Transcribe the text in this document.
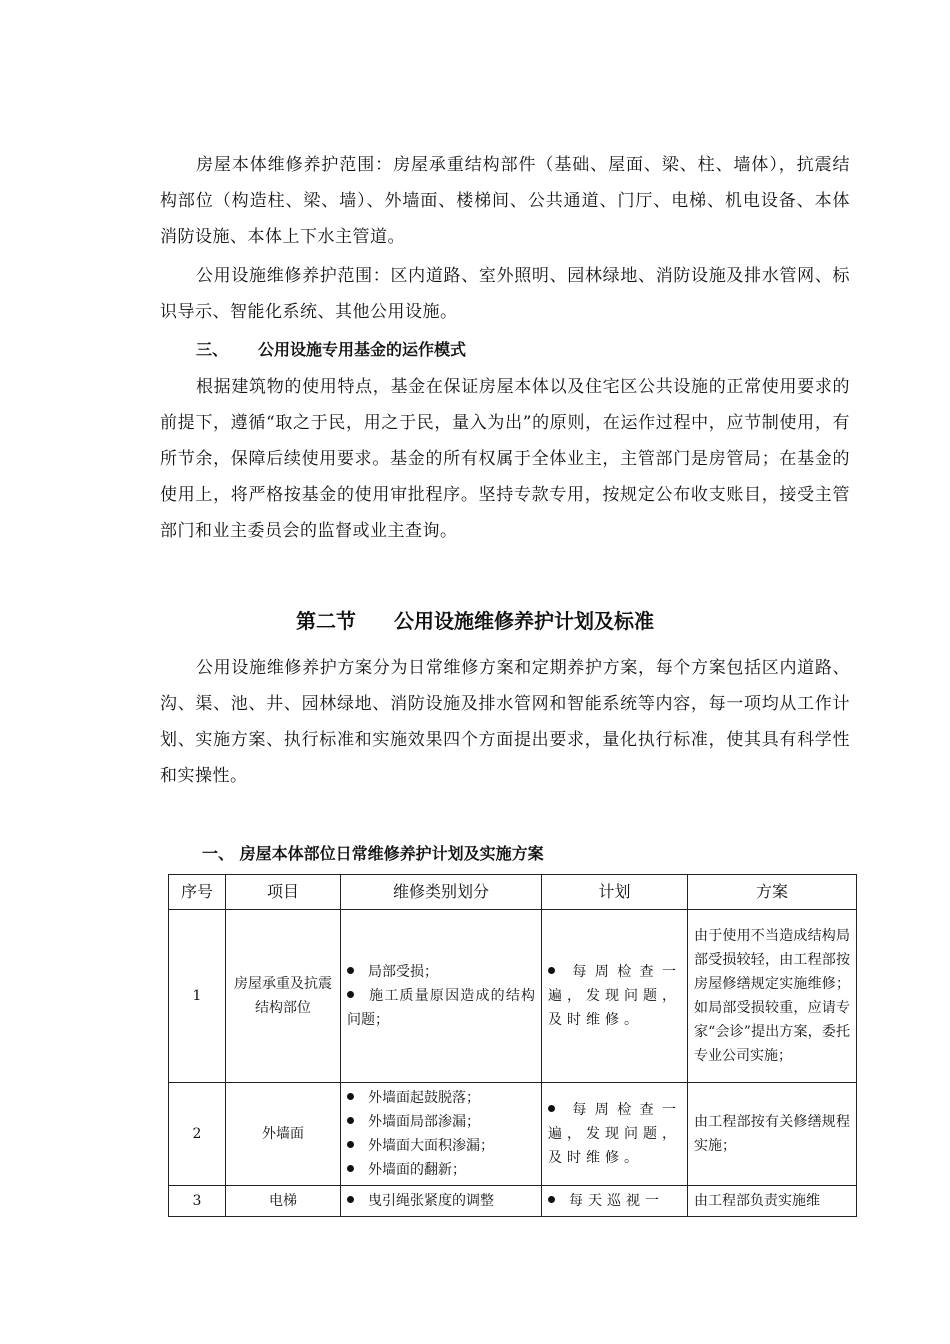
房屋本体维修养护范围：房屋承重结构部件（基础、屋面、梁、柱、墙体），抗震结构部位（构造柱、梁、墙）、外墙面、楼梯间、公共通道、门厅、电梯、机电设备、本体消防设施、本体上下水主管道。

公用设施维修养护范围：区内道路、室外照明、园林绿地、消防设施及排水管网、标识导示、智能化系统、其他公用设施。

三、 公用设施专用基金的运作模式

根据建筑物的使用特点，基金在保证房屋本体以及住宅区公共设施的正常使用要求的前提下，遵循“取之于民，用之于民，量入为出”的原则，在运作过程中，应节制使用，有所节余，保障后续使用要求。基金的所有权属于全体业主，主管部门是房管局；在基金的使用上，将严格按基金的使用审批程序。坚持专款专用，按规定公布收支账目，接受主管部门和业主委员会的监督或业主查询。

第二节 公用设施维修养护计划及标准

公用设施维修养护方案分为日常维修方案和定期养护方案，每个方案包括区内道路、沟、渠、池、井、园林绿地、消防设施及排水管网和智能系统等内容，每一项均从工作计划、实施方案、执行标准和实施效果四个方面提出要求，量化执行标准，使其具有科学性和实操性。

一、 房屋本体部位日常维修养护计划及实施方案
序号	项目	维修类别划分	计划	方案
1	房屋承重及抗震结构部位	局部受损；
施工质量原因造成的结构问题；	每周检查一遍，发现问题，及时维修。	由于使用不当造成结构局部受损较轻，由工程部按房屋修缮规定实施维修；如局部受损较重，应请专家“会诊”提出方案，委托专业公司实施；
2	外墙面	外墙面起鼓脱落；
外墙面局部渗漏；
外墙面大面积渗漏；
外墙面的翻新；	每周检查一遍，发现问题，及时维修。	由工程部按有关修缮规程实施；
3	电梯	曳引绳张紧度的调整	每天巡视一	由工程部负责实施维
